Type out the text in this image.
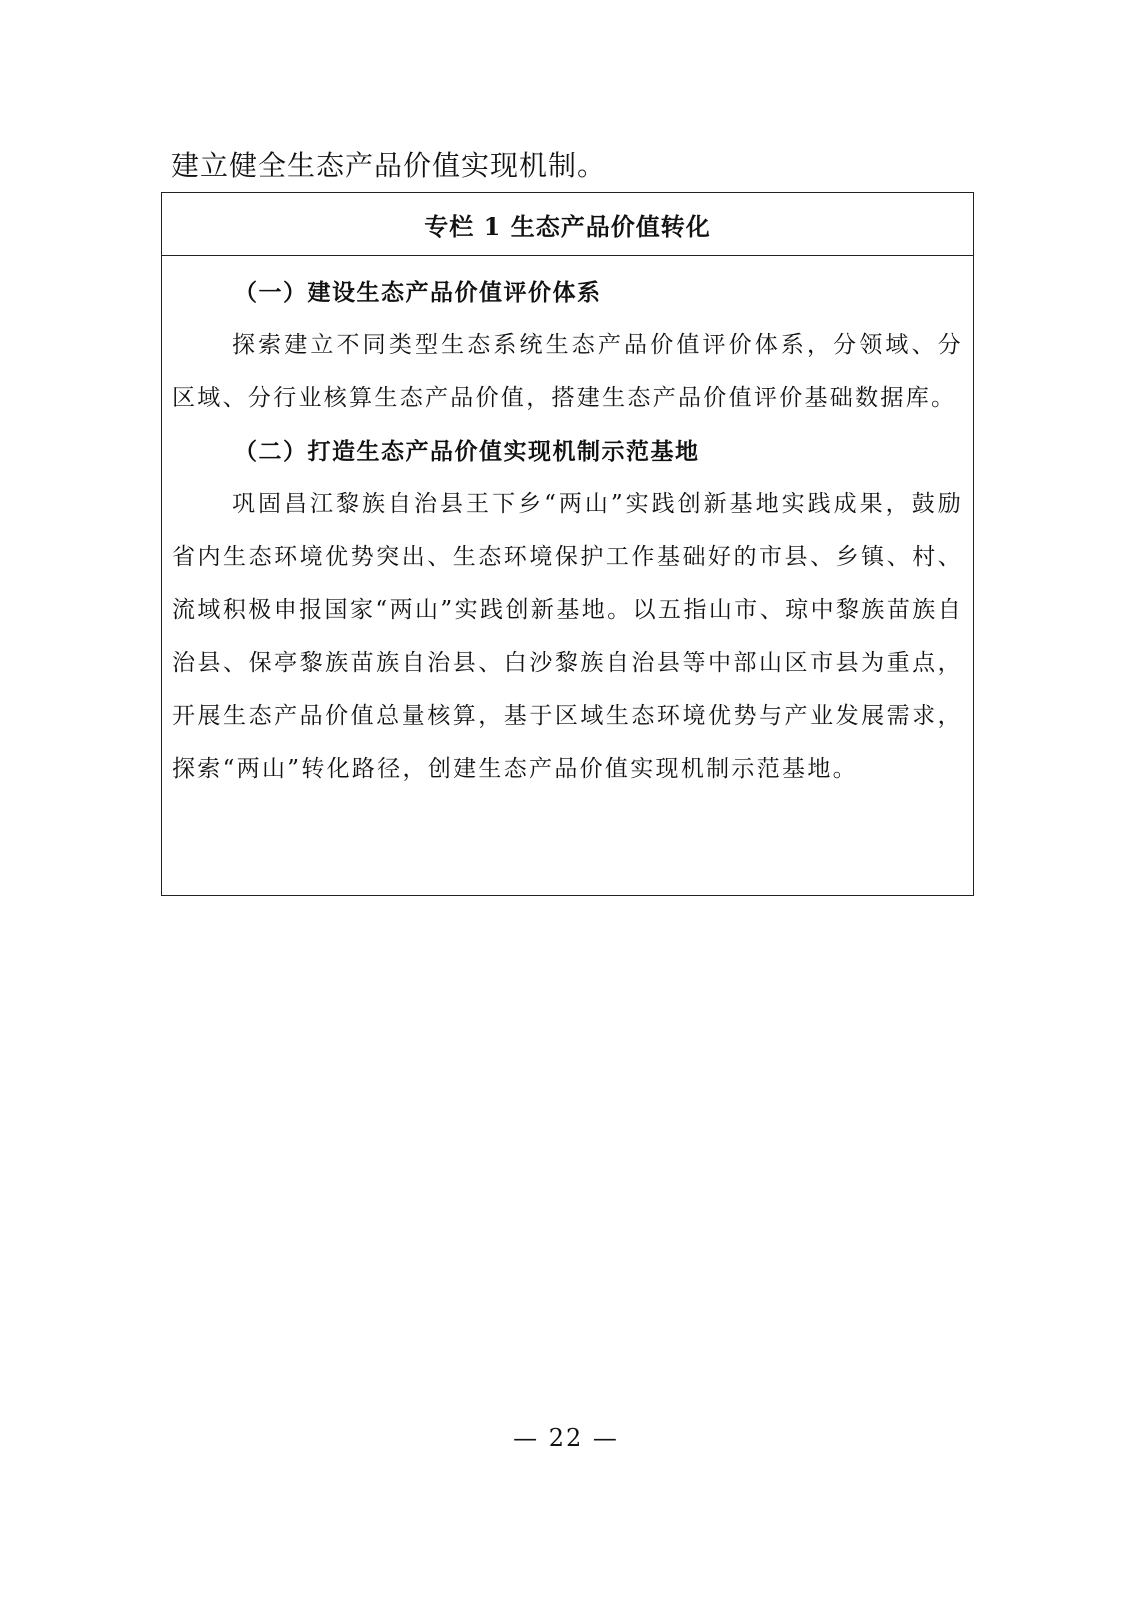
建立健全生态产品价值实现机制。
专栏 1 生态产品价值转化

（一）建设生态产品价值评价体系

探索建立不同类型生态系统生态产品价值评价体系，分领域、分区域、分行业核算生态产品价值，搭建生态产品价值评价基础数据库。

（二）打造生态产品价值实现机制示范基地

巩固昌江黎族自治县王下乡“两山”实践创新基地实践成果，鼓励省内生态环境优势突出、生态环境保护工作基础好的市县、乡镇、村、流域积极申报国家“两山”实践创新基地。以五指山市、琼中黎族苗族自治县、保亭黎族苗族自治县、白沙黎族自治县等中部山区市县为重点，开展生态产品价值总量核算，基于区域生态环境优势与产业发展需求，探索“两山”转化路径，创建生态产品价值实现机制示范基地。

— 22 —
